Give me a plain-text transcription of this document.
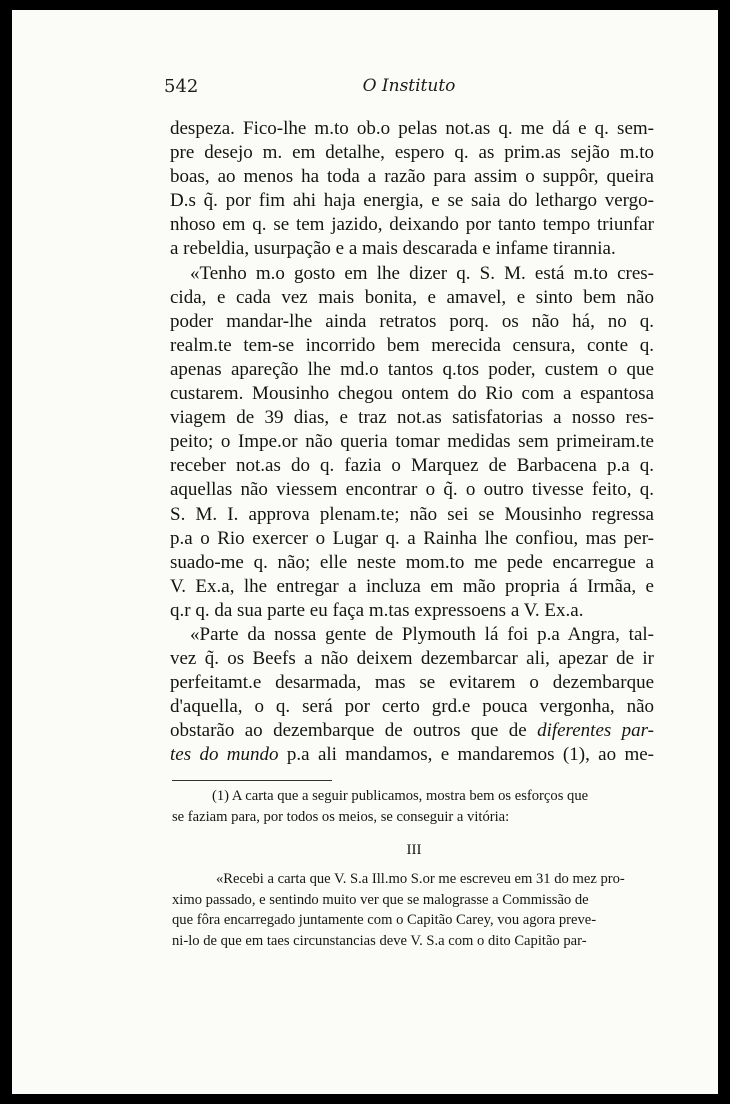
542	O Instituto
despeza. Fico-lhe m.to ob.o pelas not.as q. me dá e q. sem-
pre desejo m. em detalhe, espero q. as prim.as sejão m.to
boas, ao menos ha toda a razão para assim o suppôr, queira
D.s q̃. por fim ahi haja energia, e se saia do lethargo vergo-
nhoso em q. se tem jazido, deixando por tanto tempo triunfar
a rebeldia, usurpação e a mais descarada e infame tirannia.
«Tenho m.o gosto em lhe dizer q. S. M. está m.to cres-
cida, e cada vez mais bonita, e amavel, e sinto bem não
poder mandar-lhe ainda retratos porq. os não há, no q.
realm.te tem-se incorrido bem merecida censura, conte q.
apenas apareção lhe md.o tantos q.tos poder, custem o que
custarem. Mousinho chegou ontem do Rio com a espantosa
viagem de 39 dias, e traz not.as satisfatorias a nosso res-
peito; o Impe.or não queria tomar medidas sem primeiram.te
receber not.as do q. fazia o Marquez de Barbacena p.a q.
aquellas não viessem encontrar o q̃. o outro tivesse feito, q.
S. M. I. approva plenam.te; não sei se Mousinho regressa
p.a o Rio exercer o Lugar q. a Rainha lhe confiou, mas per-
suado-me q. não; elle neste mom.to me pede encarregue a
V. Ex.a, lhe entregar a incluza em mão propria á Irmãa, e
q.r q. da sua parte eu faça m.tas expressoens a V. Ex.a.
«Parte da nossa gente de Plymouth lá foi p.a Angra, tal-
vez q̃. os Beefs a não deixem dezembarcar ali, apezar de ir
perfeitamt.e desarmada, mas se evitarem o dezembarque
d'aquella, o q. será por certo grd.e pouca vergonha, não
obstarão ao dezembarque de outros que de diferentes par-
tes do mundo p.a ali mandamos, e mandaremos (1), ao me-
(1) A carta que a seguir publicamos, mostra bem os esforços que
se faziam para, por todos os meios, se conseguir a vitória:
III
«Recebi a carta que V. S.a Ill.mo S.or me escreveu em 31 do mez pro-
ximo passado, e sentindo muito ver que se malograsse a Commissão de
que fôra encarregado juntamente com o Capitão Carey, vou agora preve-
ni-lo de que em taes circunstancias deve V. S.a com o dito Capitão par-
